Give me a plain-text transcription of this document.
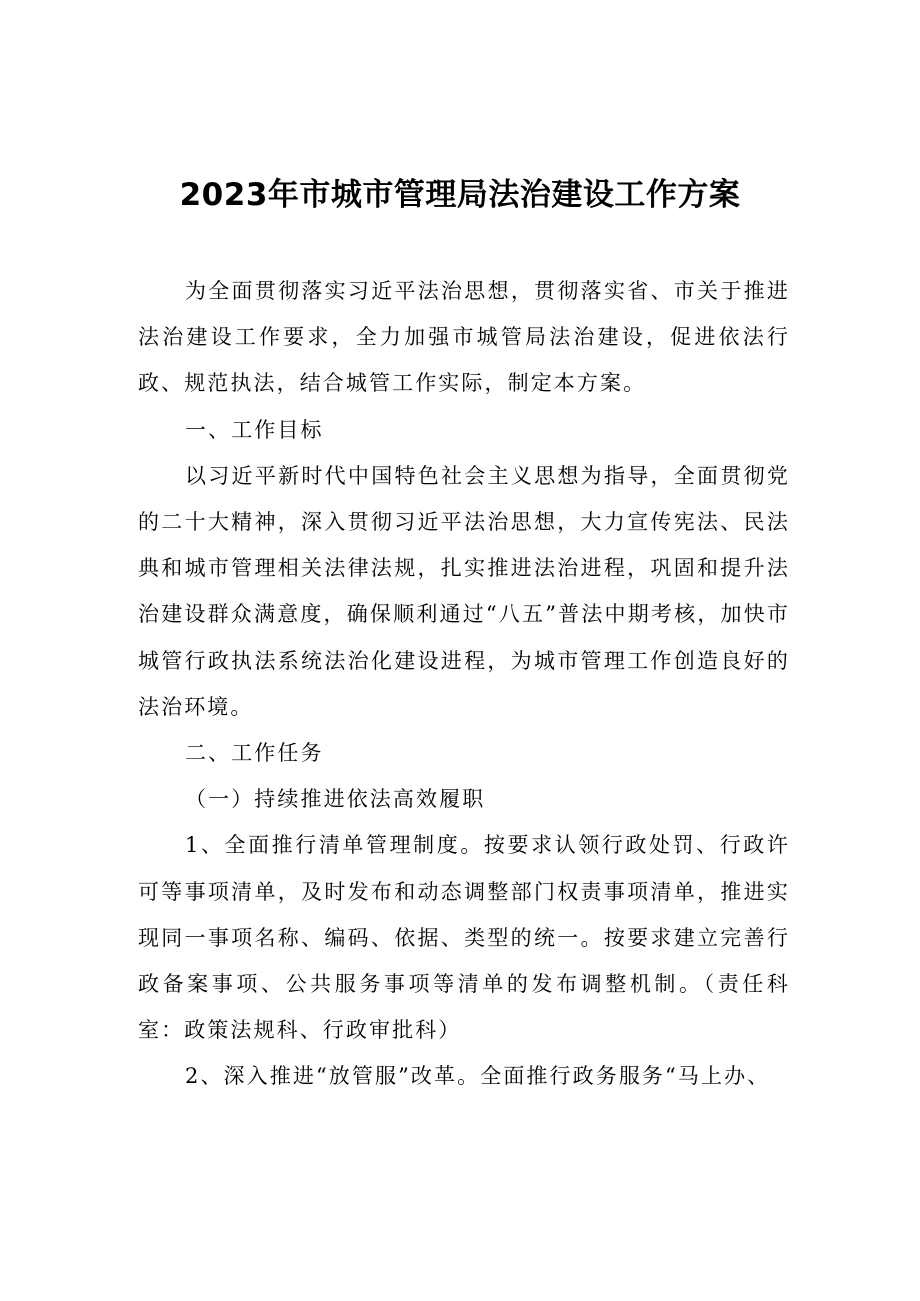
2023年市城市管理局法治建设工作方案

为全面贯彻落实习近平法治思想，贯彻落实省、市关于推进法治建设工作要求，全力加强市城管局法治建设，促进依法行政、规范执法，结合城管工作实际，制定本方案。

一、工作目标

以习近平新时代中国特色社会主义思想为指导，全面贯彻党的二十大精神，深入贯彻习近平法治思想，大力宣传宪法、民法典和城市管理相关法律法规，扎实推进法治进程，巩固和提升法治建设群众满意度，确保顺利通过“八五”普法中期考核，加快市城管行政执法系统法治化建设进程，为城市管理工作创造良好的法治环境。

二、工作任务

（一）持续推进依法高效履职

1、全面推行清单管理制度。按要求认领行政处罚、行政许可等事项清单，及时发布和动态调整部门权责事项清单，推进实现同一事项名称、编码、依据、类型的统一。按要求建立完善行政备案事项、公共服务事项等清单的发布调整机制。（责任科室：政策法规科、行政审批科）

2、深入推进“放管服”改革。全面推行政务服务“马上办、
